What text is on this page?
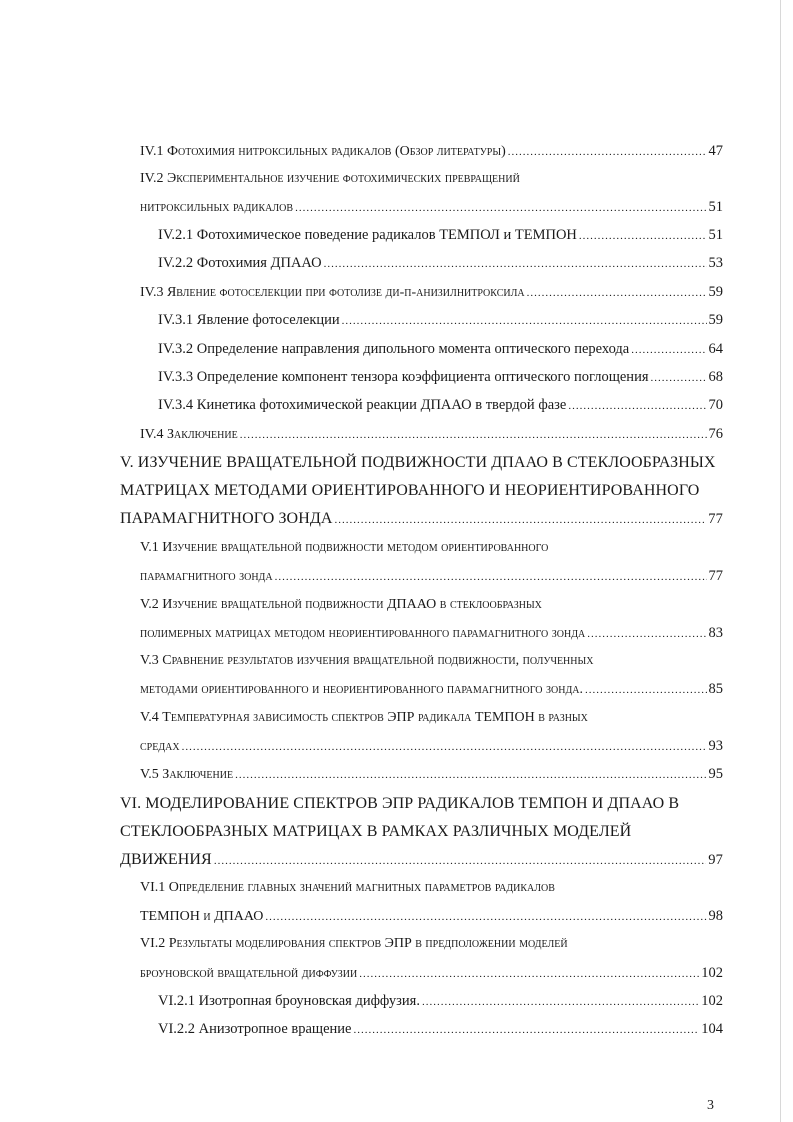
IV.1 Фотохимия нитроксильных радикалов (Обзор литературы) .....	47
IV.2 Экспериментальное изучение фотохимических превращений
нитроксильных радикалов .....	51
IV.2.1 Фотохимическое поведение радикалов ТЕМПОЛ и ТЕМПОН .....	51
IV.2.2 Фотохимия ДПААО .....	53
IV.3 Явление фотоселекции при фотолизе ди-п-анизилнитроксила .....	59
IV.3.1 Явление фотоселекции .....	59
IV.3.2 Определение направления дипольного момента оптического перехода .....	64
IV.3.3 Определение компонент тензора коэффициента оптического поглощения .....	68
IV.3.4 Кинетика фотохимической реакции ДПААО в твердой фазе .....	70
IV.4 Заключение .....	76
V. ИЗУЧЕНИЕ ВРАЩАТЕЛЬНОЙ ПОДВИЖНОСТИ ДПААО В СТЕКЛООБРАЗНЫХ
МАТРИЦАХ МЕТОДАМИ ОРИЕНТИРОВАННОГО И НЕОРИЕНТИРОВАННОГО
ПАРАМАГНИТНОГО ЗОНДА .....	77
V.1 Изучение вращательной подвижности методом ориентированного
парамагнитного зонда .....	77
V.2 Изучение вращательной подвижности ДПААО в стеклообразных
полимерных матрицах методом неориентированного парамагнитного зонда .....	83
V.3 Сравнение результатов изучения вращательной подвижности, полученных
методами ориентированного и неориентированного парамагнитного зонда. .....	85
V.4 Температурная зависимость спектров ЭПР радикала ТЕМПОН в разных
средах .....	93
V.5 Заключение .....	95
VI. МОДЕЛИРОВАНИЕ СПЕКТРОВ ЭПР РАДИКАЛОВ ТЕМПОН И ДПААО В
СТЕКЛООБРАЗНЫХ МАТРИЦАХ В РАМКАХ РАЗЛИЧНЫХ МОДЕЛЕЙ
ДВИЖЕНИЯ .....	97
VI.1 Определение главных значений магнитных параметров радикалов
ТЕМПОН и ДПААО .....	98
VI.2 Результаты моделирования спектров ЭПР в предположении моделей
броуновской вращательной диффузии .....	102
VI.2.1 Изотропная броуновская диффузия. .....	102
VI.2.2 Анизотропное вращение .....	104
3
